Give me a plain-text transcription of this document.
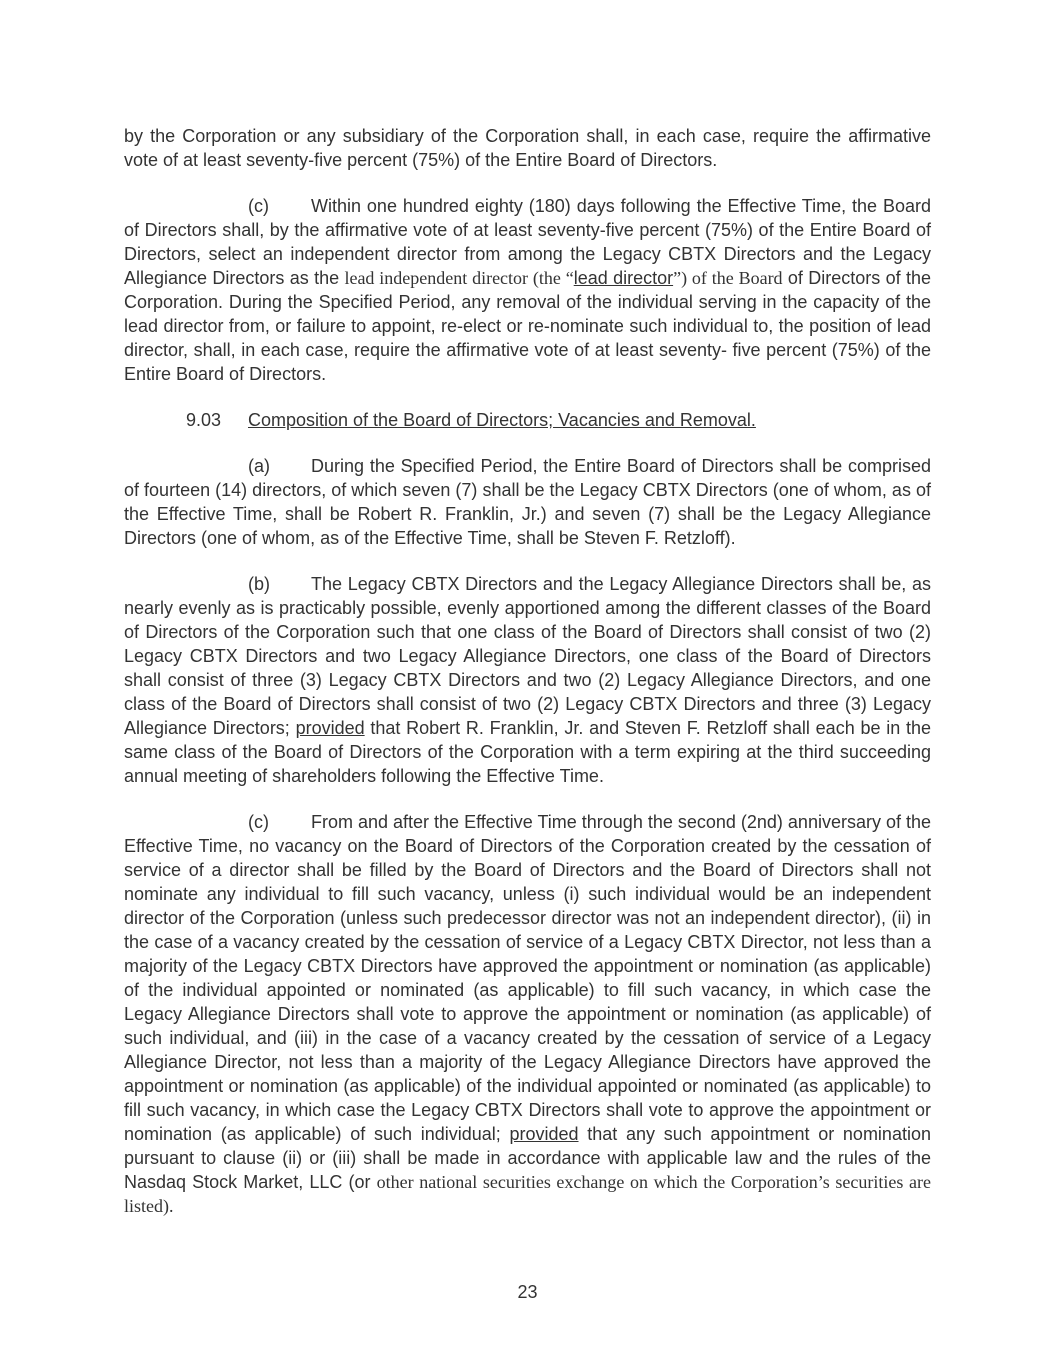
by the Corporation or any subsidiary of the Corporation shall, in each case, require the affirmative vote of at least seventy-five percent (75%) of the Entire Board of Directors.

(c) Within one hundred eighty (180) days following the Effective Time, the Board of Directors shall, by the affirmative vote of at least seventy-five percent (75%) of the Entire Board of Directors, select an independent director from among the Legacy CBTX Directors and the Legacy Allegiance Directors as the lead independent director (the “lead director”) of the Board of Directors of the Corporation. During the Specified Period, any removal of the individual serving in the capacity of the lead director from, or failure to appoint, re-elect or re-nominate such individual to, the position of lead director, shall, in each case, require the affirmative vote of at least seventy- five percent (75%) of the Entire Board of Directors.

9.03 Composition of the Board of Directors; Vacancies and Removal.

(a) During the Specified Period, the Entire Board of Directors shall be comprised of fourteen (14) directors, of which seven (7) shall be the Legacy CBTX Directors (one of whom, as of the Effective Time, shall be Robert R. Franklin, Jr.) and seven (7) shall be the Legacy Allegiance Directors (one of whom, as of the Effective Time, shall be Steven F. Retzloff).

(b) The Legacy CBTX Directors and the Legacy Allegiance Directors shall be, as nearly evenly as is practicably possible, evenly apportioned among the different classes of the Board of Directors of the Corporation such that one class of the Board of Directors shall consist of two (2) Legacy CBTX Directors and two Legacy Allegiance Directors, one class of the Board of Directors shall consist of three (3) Legacy CBTX Directors and two (2) Legacy Allegiance Directors, and one class of the Board of Directors shall consist of two (2) Legacy CBTX Directors and three (3) Legacy Allegiance Directors; provided that Robert R. Franklin, Jr. and Steven F. Retzloff shall each be in the same class of the Board of Directors of the Corporation with a term expiring at the third succeeding annual meeting of shareholders following the Effective Time.

(c) From and after the Effective Time through the second (2nd) anniversary of the Effective Time, no vacancy on the Board of Directors of the Corporation created by the cessation of service of a director shall be filled by the Board of Directors and the Board of Directors shall not nominate any individual to fill such vacancy, unless (i) such individual would be an independent director of the Corporation (unless such predecessor director was not an independent director), (ii) in the case of a vacancy created by the cessation of service of a Legacy CBTX Director, not less than a majority of the Legacy CBTX Directors have approved the appointment or nomination (as applicable) of the individual appointed or nominated (as applicable) to fill such vacancy, in which case the Legacy Allegiance Directors shall vote to approve the appointment or nomination (as applicable) of such individual, and (iii) in the case of a vacancy created by the cessation of service of a Legacy Allegiance Director, not less than a majority of the Legacy Allegiance Directors have approved the appointment or nomination (as applicable) of the individual appointed or nominated (as applicable) to fill such vacancy, in which case the Legacy CBTX Directors shall vote to approve the appointment or nomination (as applicable) of such individual; provided that any such appointment or nomination pursuant to clause (ii) or (iii) shall be made in accordance with applicable law and the rules of the Nasdaq Stock Market, LLC (or other national securities exchange on which the Corporation’s securities are listed).

23
